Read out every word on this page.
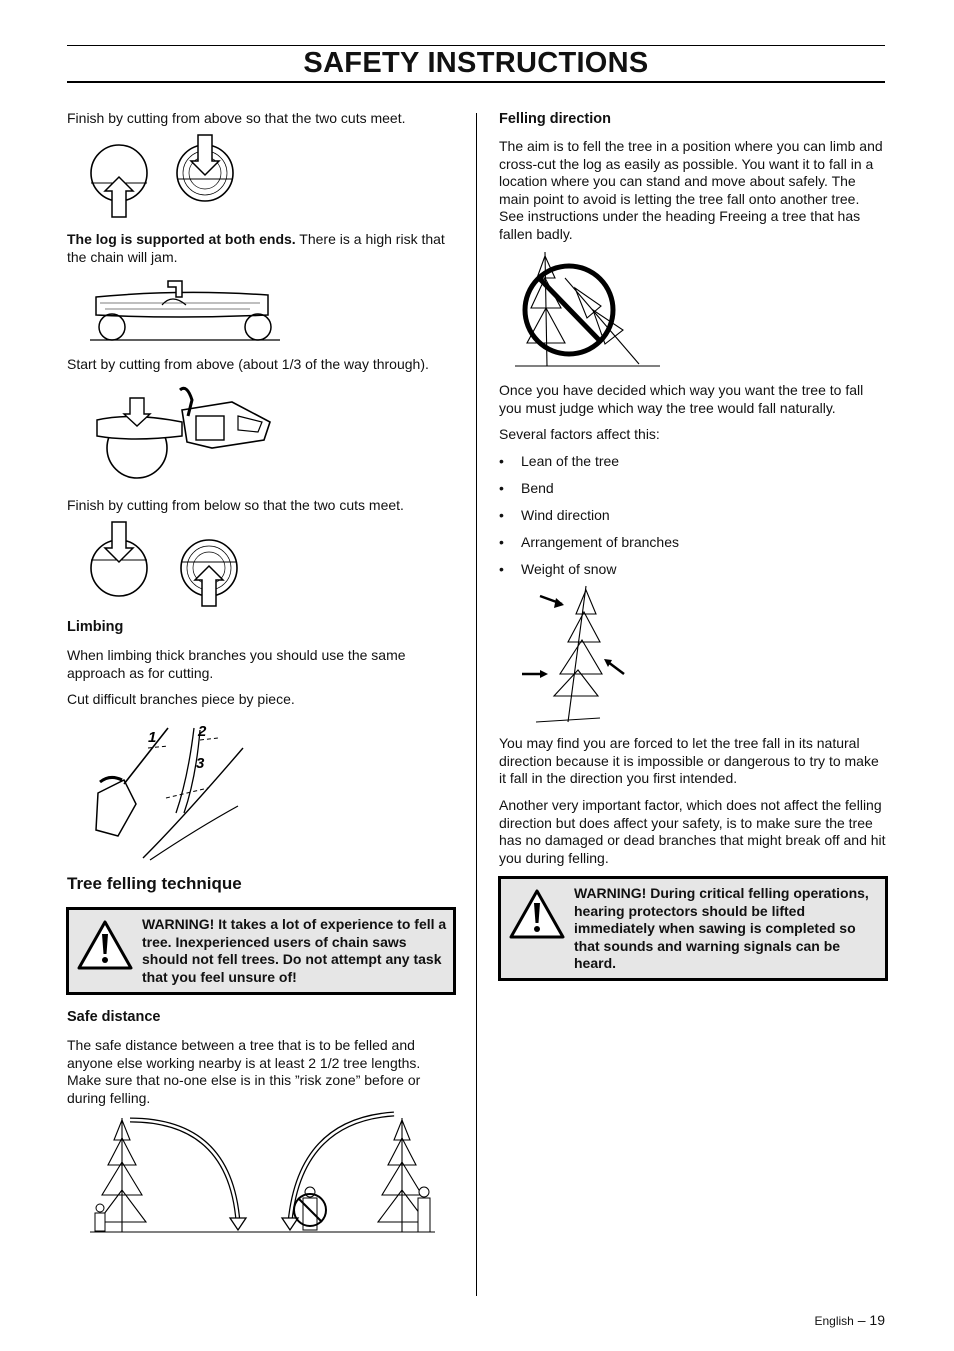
SAFETY INSTRUCTIONS

Finish by cutting from above so that the two cuts meet.

The log is supported at both ends. There is a high risk that the chain will jam.

Start by cutting from above (about 1/3 of the way through).

Finish by cutting from below so that the two cuts meet.

Limbing

When limbing thick branches you should use the same approach as for cutting.

Cut difficult branches piece by piece.

1	2
3
Tree felling technique
WARNING! It takes a lot of experience to fell a tree. Inexperienced users of chain saws should not fell trees. Do not attempt any task that you feel unsure of!
Safe distance

The safe distance between a tree that is to be felled and anyone else working nearby is at least 2 1/2 tree lengths. Make sure that no-one else is in this ”risk zone” before or during felling.

Felling direction

The aim is to fell the tree in a position where you can limb and cross-cut the log as easily as possible. You want it to fall in a location where you can stand and move about safely. The main point to avoid is letting the tree fall onto another tree. See instructions under the heading Freeing a tree that has fallen badly.

Once you have decided which way you want the tree to fall you must judge which way the tree would fall naturally.

Several factors affect this:

• Lean of the tree
• Bend
• Wind direction
• Arrangement of branches
• Weight of snow

You may find you are forced to let the tree fall in its natural direction because it is impossible or dangerous to try to make it fall in the direction you first intended.

Another very important factor, which does not affect the felling direction but does affect your safety, is to make sure the tree has no damaged or dead branches that might break off and hit you during felling.

WARNING! During critical felling operations, hearing protectors should be lifted immediately when sawing is completed so that sounds and warning signals can be heard.
English – 19
